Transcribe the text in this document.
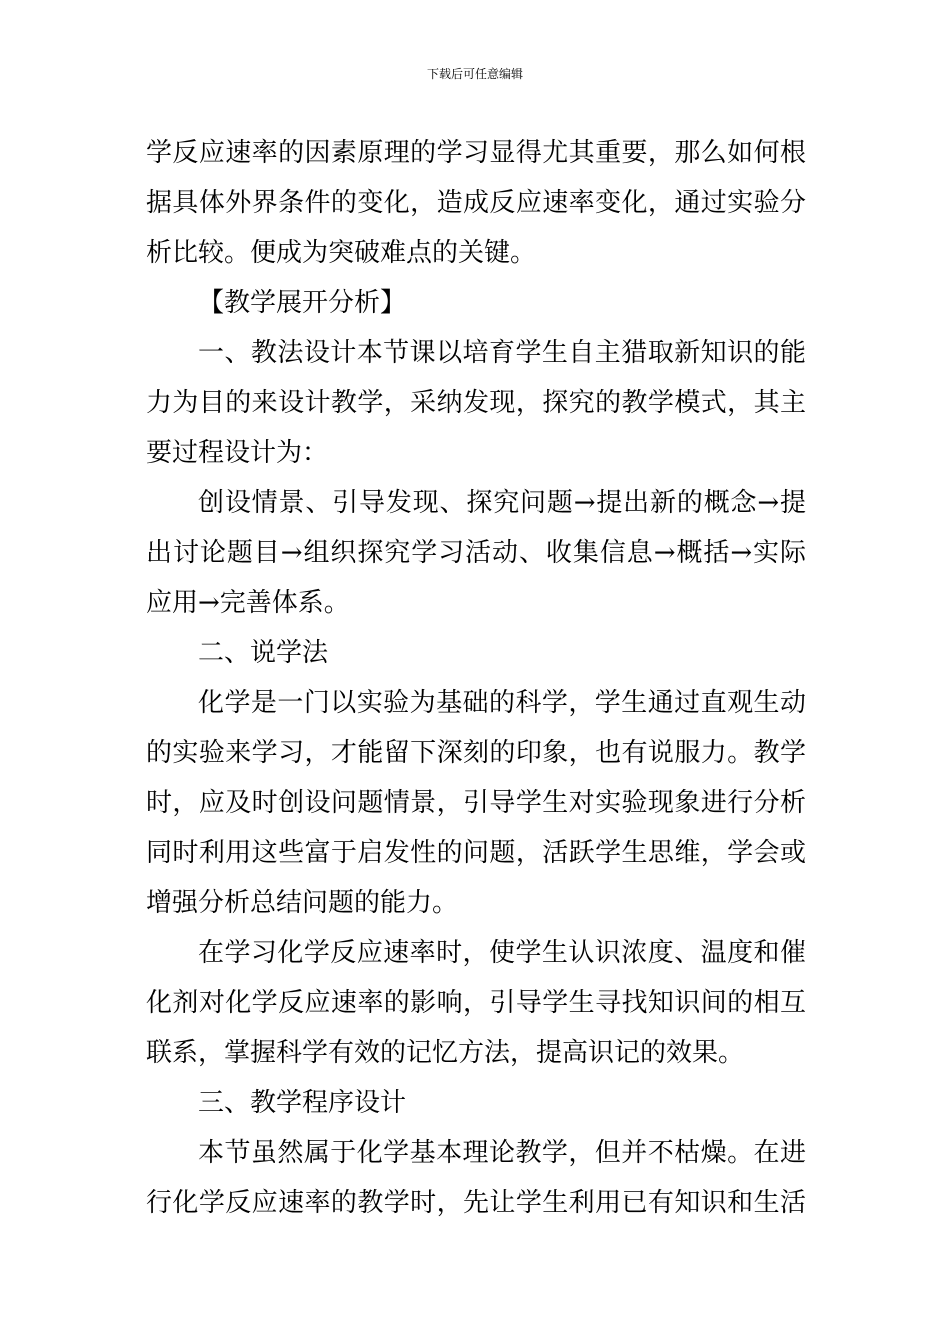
下载后可任意编辑
学反应速率的因素原理的学习显得尤其重要，那么如何根
据具体外界条件的变化，造成反应速率变化，通过实验分
析比较。便成为突破难点的关键。
【教学展开分析】
一、教法设计本节课以培育学生自主猎取新知识的能
力为目的来设计教学，采纳发现，探究的教学模式，其主
要过程设计为：
创设情景、引导发现、探究问题→提出新的概念→提
出讨论题目→组织探究学习活动、收集信息→概括→实际
应用→完善体系。
二、说学法
化学是一门以实验为基础的科学，学生通过直观生动
的实验来学习，才能留下深刻的印象，也有说服力。教学
时，应及时创设问题情景，引导学生对实验现象进行分析
同时利用这些富于启发性的问题，活跃学生思维，学会或
增强分析总结问题的能力。
在学习化学反应速率时，使学生认识浓度、温度和催
化剂对化学反应速率的影响，引导学生寻找知识间的相互
联系，掌握科学有效的记忆方法，提高识记的效果。
三、教学程序设计
本节虽然属于化学基本理论教学，但并不枯燥。在进
行化学反应速率的教学时，先让学生利用已有知识和生活
